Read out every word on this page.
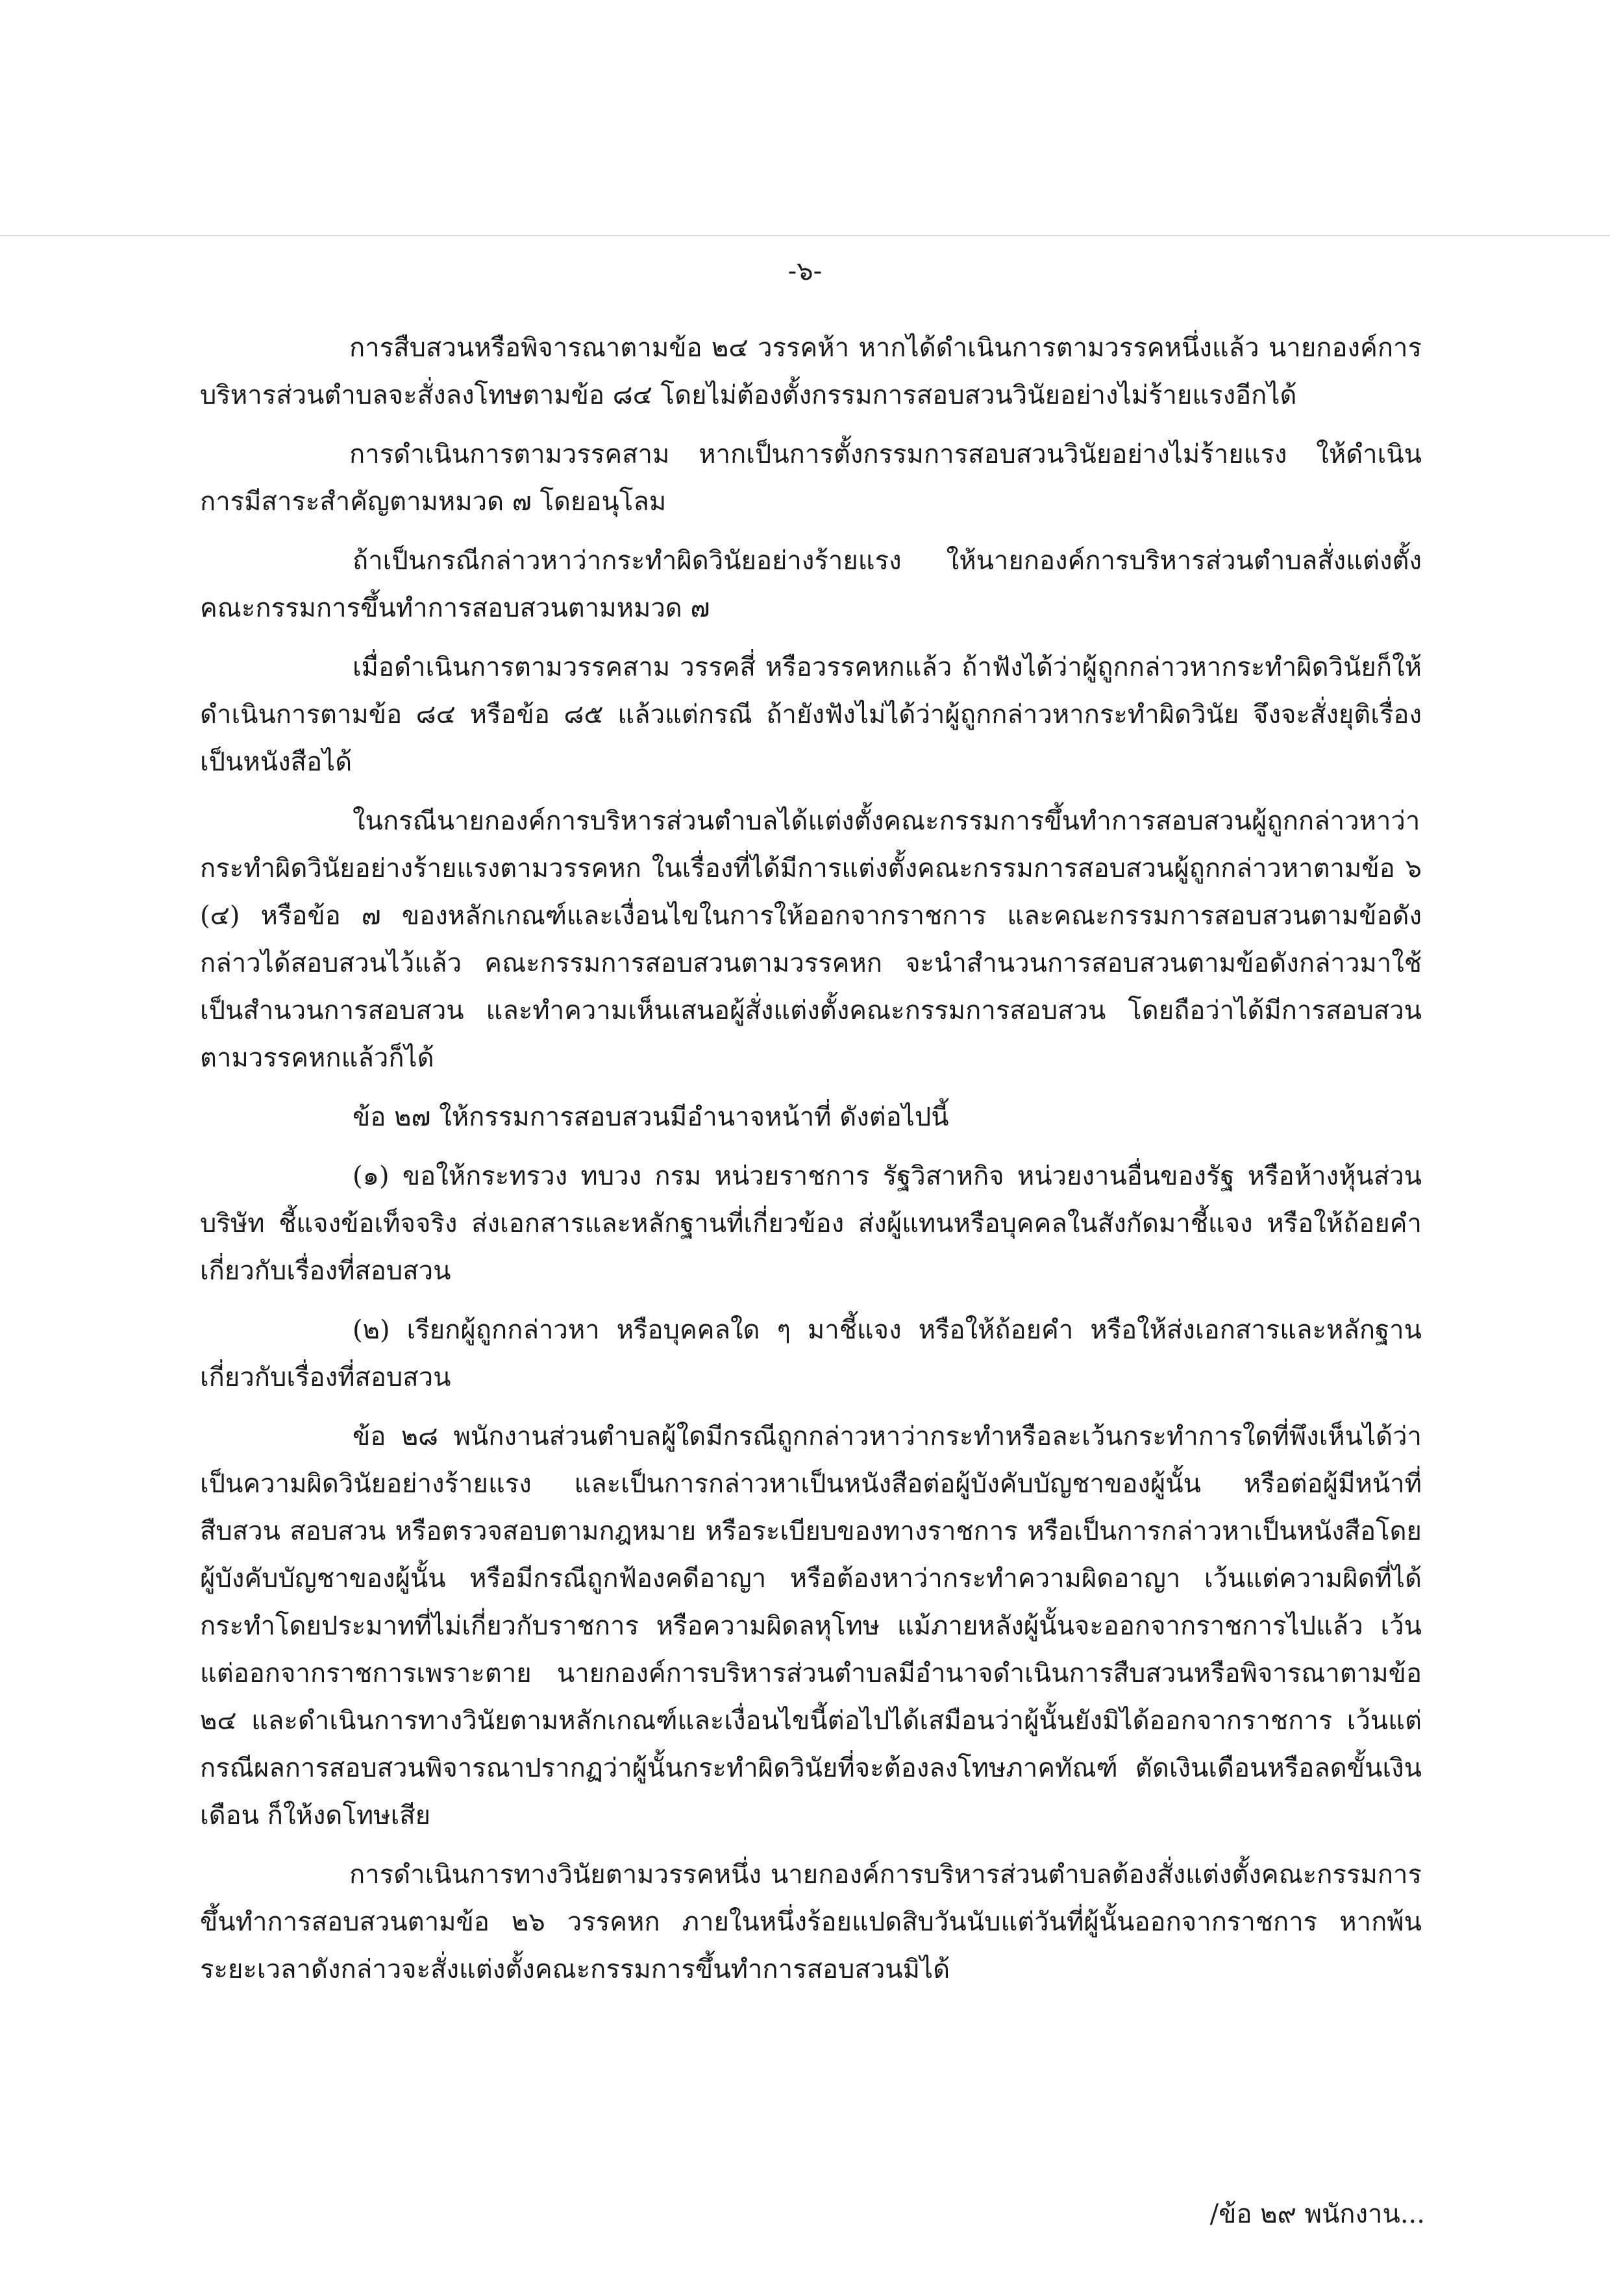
-๖-

การสืบสวนหรือพิจารณาตามข้อ ๒๔ วรรคห้า หากได้ดำเนินการตามวรรคหนึ่งแล้ว นายกองค์การบริหารส่วนตำบลจะสั่งลงโทษตามข้อ ๘๔ โดยไม่ต้องตั้งกรรมการสอบสวนวินัยอย่างไม่ร้ายแรงอีกได้

การดำเนินการตามวรรคสาม หากเป็นการตั้งกรรมการสอบสวนวินัยอย่างไม่ร้ายแรง ให้ดำเนินการมีสาระสำคัญตามหมวด ๗ โดยอนุโลม

ถ้าเป็นกรณีกล่าวหาว่ากระทำผิดวินัยอย่างร้ายแรง ให้นายกองค์การบริหารส่วนตำบลสั่งแต่งตั้งคณะกรรมการขึ้นทำการสอบสวนตามหมวด ๗

เมื่อดำเนินการตามวรรคสาม วรรคสี่ หรือวรรคหกแล้ว ถ้าฟังได้ว่าผู้ถูกกล่าวหากระทำผิดวินัยก็ให้ดำเนินการตามข้อ ๘๔ หรือข้อ ๘๕ แล้วแต่กรณี ถ้ายังฟังไม่ได้ว่าผู้ถูกกล่าวหากระทำผิดวินัย จึงจะสั่งยุติเรื่องเป็นหนังสือได้

ในกรณีนายกองค์การบริหารส่วนตำบลได้แต่งตั้งคณะกรรมการขึ้นทำการสอบสวนผู้ถูกกล่าวหาว่ากระทำผิดวินัยอย่างร้ายแรงตามวรรคหก ในเรื่องที่ได้มีการแต่งตั้งคณะกรรมการสอบสวนผู้ถูกกล่าวหาตามข้อ ๖ (๔) หรือข้อ ๗ ของหลักเกณฑ์และเงื่อนไขในการให้ออกจากราชการ และคณะกรรมการสอบสวนตามข้อดังกล่าวได้สอบสวนไว้แล้ว คณะกรรมการสอบสวนตามวรรคหก จะนำสำนวนการสอบสวนตามข้อดังกล่าวมาใช้เป็นสำนวนการสอบสวน และทำความเห็นเสนอผู้สั่งแต่งตั้งคณะกรรมการสอบสวน โดยถือว่าได้มีการสอบสวนตามวรรคหกแล้วก็ได้

ข้อ ๒๗ ให้กรรมการสอบสวนมีอำนาจหน้าที่ ดังต่อไปนี้

(๑) ขอให้กระทรวง ทบวง กรม หน่วยราชการ รัฐวิสาหกิจ หน่วยงานอื่นของรัฐ หรือห้างหุ้นส่วน บริษัท ชี้แจงข้อเท็จจริง ส่งเอกสารและหลักฐานที่เกี่ยวข้อง ส่งผู้แทนหรือบุคคลในสังกัดมาชี้แจง หรือให้ถ้อยคำเกี่ยวกับเรื่องที่สอบสวน

(๒) เรียกผู้ถูกกล่าวหา หรือบุคคลใด ๆ มาชี้แจง หรือให้ถ้อยคำ หรือให้ส่งเอกสารและหลักฐานเกี่ยวกับเรื่องที่สอบสวน

ข้อ ๒๘ พนักงานส่วนตำบลผู้ใดมีกรณีถูกกล่าวหาว่ากระทำหรือละเว้นกระทำการใดที่พึงเห็นได้ว่าเป็นความผิดวินัยอย่างร้ายแรง และเป็นการกล่าวหาเป็นหนังสือต่อผู้บังคับบัญชาของผู้นั้น หรือต่อผู้มีหน้าที่สืบสวน สอบสวน หรือตรวจสอบตามกฎหมาย หรือระเบียบของทางราชการ หรือเป็นการกล่าวหาเป็นหนังสือโดยผู้บังคับบัญชาของผู้นั้น หรือมีกรณีถูกฟ้องคดีอาญา หรือต้องหาว่ากระทำความผิดอาญา เว้นแต่ความผิดที่ได้กระทำโดยประมาทที่ไม่เกี่ยวกับราชการ หรือความผิดลหุโทษ แม้ภายหลังผู้นั้นจะออกจากราชการไปแล้ว เว้นแต่ออกจากราชการเพราะตาย นายกองค์การบริหารส่วนตำบลมีอำนาจดำเนินการสืบสวนหรือพิจารณาตามข้อ ๒๔ และดำเนินการทางวินัยตามหลักเกณฑ์และเงื่อนไขนี้ต่อไปได้เสมือนว่าผู้นั้นยังมิได้ออกจากราชการ เว้นแต่กรณีผลการสอบสวนพิจารณาปรากฏว่าผู้นั้นกระทำผิดวินัยที่จะต้องลงโทษภาคทัณฑ์ ตัดเงินเดือนหรือลดขั้นเงินเดือน ก็ให้งดโทษเสีย

การดำเนินการทางวินัยตามวรรคหนึ่ง นายกองค์การบริหารส่วนตำบลต้องสั่งแต่งตั้งคณะกรรมการขึ้นทำการสอบสวนตามข้อ ๒๖ วรรคหก ภายในหนึ่งร้อยแปดสิบวันนับแต่วันที่ผู้นั้นออกจากราชการ หากพ้นระยะเวลาดังกล่าวจะสั่งแต่งตั้งคณะกรรมการขึ้นทำการสอบสวนมิได้

/ข้อ ๒๙ พนักงาน...
